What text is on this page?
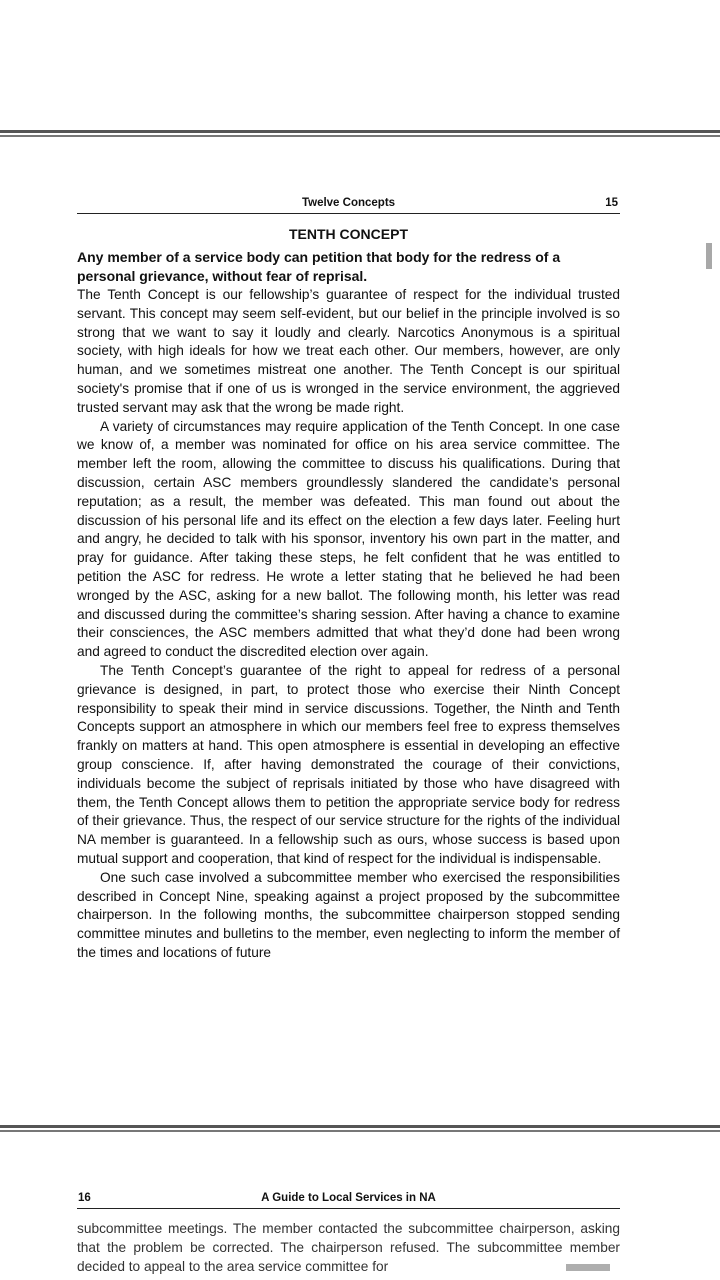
Twelve Concepts	15
TENTH CONCEPT
Any member of a service body can petition that body for the redress of a personal grievance, without fear of reprisal.

The Tenth Concept is our fellowship’s guarantee of respect for the individual trusted servant. This concept may seem self-evident, but our belief in the principle involved is so strong that we want to say it loudly and clearly. Narcotics Anonymous is a spiritual society, with high ideals for how we treat each other. Our members, however, are only human, and we sometimes mistreat one another. The Tenth Concept is our spiritual society's promise that if one of us is wronged in the service environment, the aggrieved trusted servant may ask that the wrong be made right.

A variety of circumstances may require application of the Tenth Concept. In one case we know of, a member was nominated for office on his area service committee. The member left the room, allowing the committee to discuss his qualifications. During that discussion, certain ASC members groundlessly slandered the candidate’s personal reputation; as a result, the member was defeated. This man found out about the discussion of his personal life and its effect on the election a few days later. Feeling hurt and angry, he decided to talk with his sponsor, inventory his own part in the matter, and pray for guidance. After taking these steps, he felt confident that he was entitled to petition the ASC for redress. He wrote a letter stating that he believed he had been wronged by the ASC, asking for a new ballot. The following month, his letter was read and discussed during the committee’s sharing session. After having a chance to examine their consciences, the ASC members admitted that what they’d done had been wrong and agreed to conduct the discredited election over again.

The Tenth Concept’s guarantee of the right to appeal for redress of a personal grievance is designed, in part, to protect those who exercise their Ninth Concept responsibility to speak their mind in service discussions. Together, the Ninth and Tenth Concepts support an atmosphere in which our members feel free to express themselves frankly on matters at hand. This open atmosphere is essential in developing an effective group conscience. If, after having demonstrated the courage of their convictions, individuals become the subject of reprisals initiated by those who have disagreed with them, the Tenth Concept allows them to petition the appropriate service body for redress of their grievance. Thus, the respect of our service structure for the rights of the individual NA member is guaranteed. In a fellowship such as ours, whose success is based upon mutual support and cooperation, that kind of respect for the individual is indispensable.

One such case involved a subcommittee member who exercised the responsibilities described in Concept Nine, speaking against a project proposed by the subcommittee chairperson. In the following months, the subcommittee chairperson stopped sending committee minutes and bulletins to the member, even neglecting to inform the member of the times and locations of future

16	A Guide to Local Services in NA
subcommittee meetings. The member contacted the subcommittee chairperson, asking that the problem be corrected. The chairperson refused. The subcommittee member decided to appeal to the area service committee for
